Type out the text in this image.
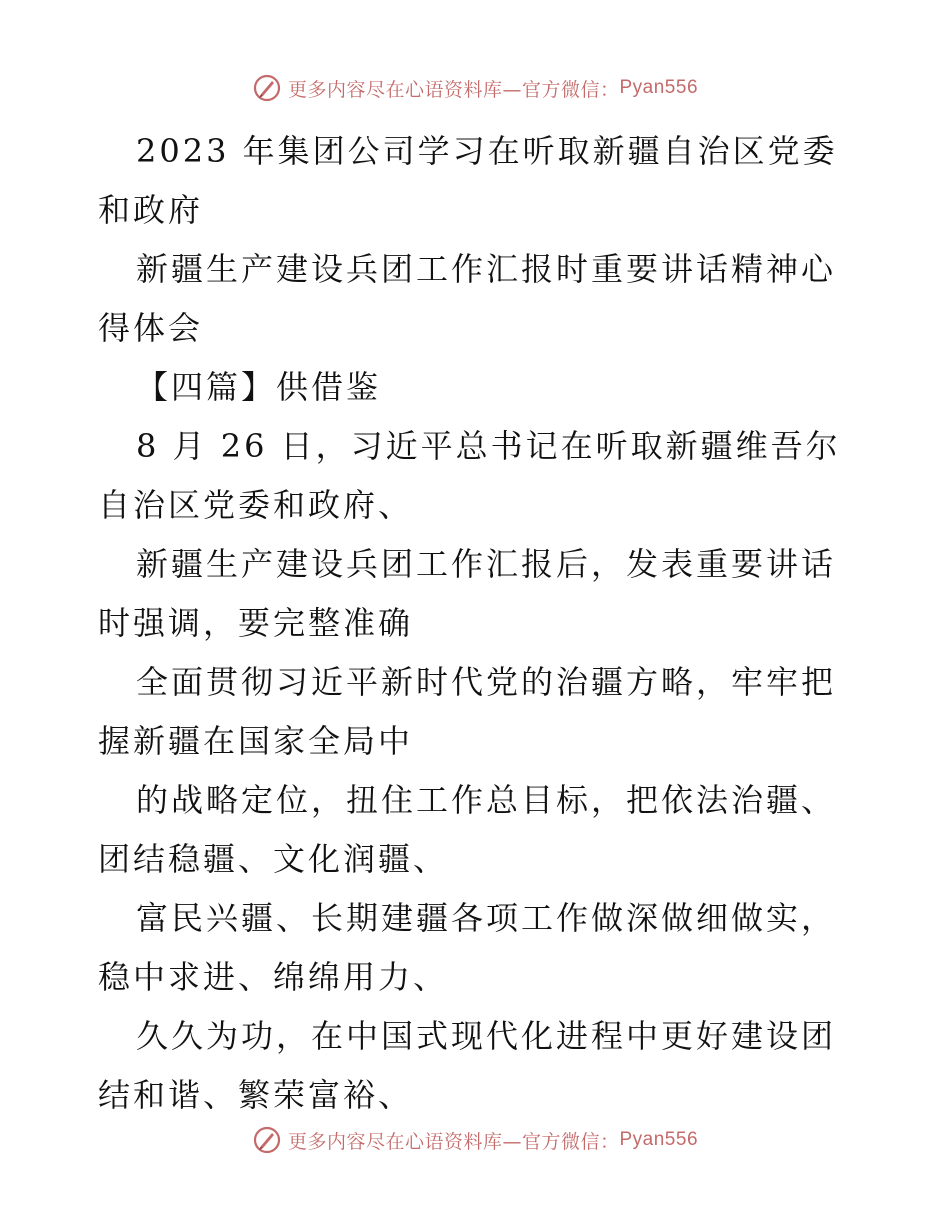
更多内容尽在心语资料库—官方微信： Pyan556

2023 年集团公司学习在听取新疆自治区党委和政府

新疆生产建设兵团工作汇报时重要讲话精神心得体会

【四篇】供借鉴

8 月 26 日，习近平总书记在听取新疆维吾尔自治区党委和政府、

新疆生产建设兵团工作汇报后，发表重要讲话时强调，要完整准确

全面贯彻习近平新时代党的治疆方略，牢牢把握新疆在国家全局中

的战略定位，扭住工作总目标，把依法治疆、团结稳疆、文化润疆、

富民兴疆、长期建疆各项工作做深做细做实，稳中求进、绵绵用力、

久久为功，在中国式现代化进程中更好建设团结和谐、繁荣富裕、

更多内容尽在心语资料库—官方微信： Pyan556
